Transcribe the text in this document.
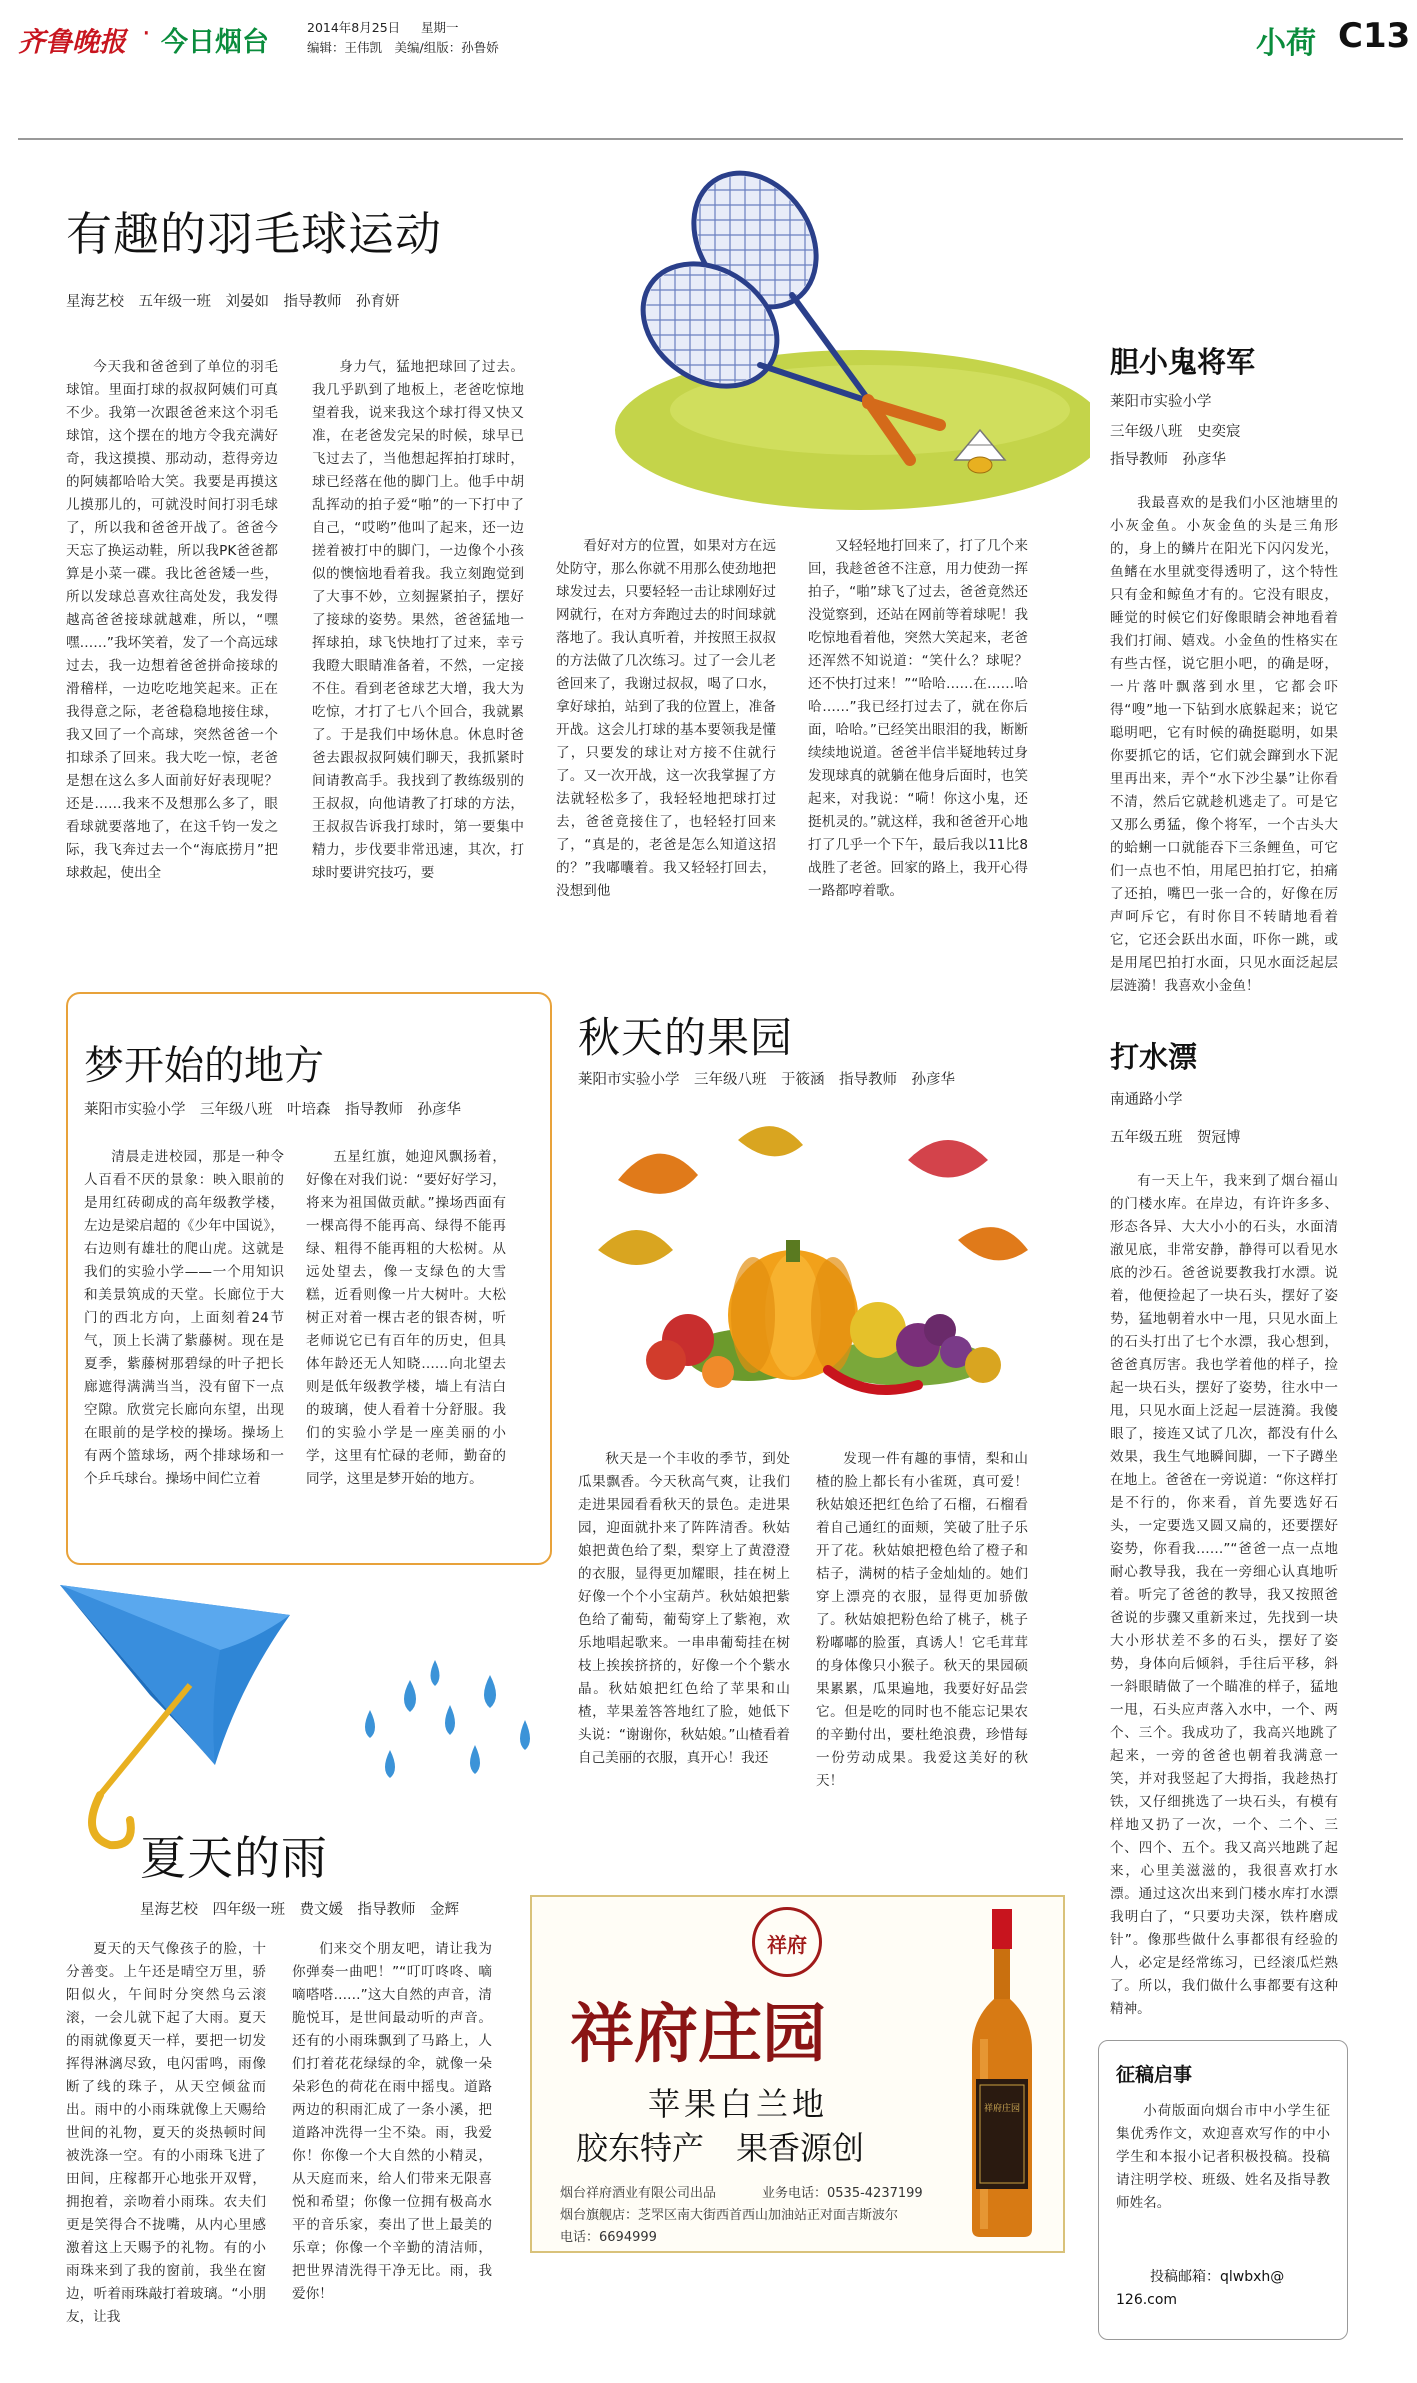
齐鲁晚报 · 今日烟台	2014年8月25日 星期一
编辑：王伟凯　美编/组版：孙鲁娇	小荷 C13
有趣的羽毛球运动
星海艺校　五年级一班　刘晏如　指导教师　孙育妍
今天我和爸爸到了单位的羽毛球馆。里面打球的叔叔阿姨们可真不少。我第一次跟爸爸来这个羽毛球馆，这个摆在的地方令我充满好奇，我这摸摸、那动动，惹得旁边的阿姨都哈哈大笑。我要是再摸这儿摸那儿的，可就没时间打羽毛球了，所以我和爸爸开战了。爸爸今天忘了换运动鞋，所以我PK爸爸都算是小菜一碟。我比爸爸矮一些，所以发球总喜欢往高处发，我发得越高爸爸接球就越难，所以，“嘿嘿……”我坏笑着，发了一个高远球过去，我一边想着爸爸拼命接球的滑稽样，一边吃吃地笑起来。正在我得意之际，老爸稳稳地接住球，我又回了一个高球，突然爸爸一个扣球杀了回来。我大吃一惊，老爸是想在这么多人面前好好表现呢？还是……我来不及想那么多了，眼看球就要落地了，在这千钧一发之际，我飞奔过去一个“海底捞月”把球救起，使出全
身力气，猛地把球回了过去。我几乎趴到了地板上，老爸吃惊地望着我，说来我这个球打得又快又准，在老爸发完呆的时候，球早已飞过去了，当他想起挥拍打球时，球已经落在他的脚门上。他手中胡乱挥动的拍子爱“啪”的一下打中了自己，“哎哟”他叫了起来，还一边搓着被打中的脚门，一边像个小孩似的懊恼地看着我。我立刻跑觉到了大事不妙，立刻握紧拍子，摆好了接球的姿势。果然，爸爸猛地一挥球拍，球飞快地打了过来，幸亏我瞪大眼睛准备着，不然，一定接不住。看到老爸球艺大增，我大为吃惊，才打了七八个回合，我就累了。于是我们中场休息。休息时爸爸去跟叔叔阿姨们聊天，我抓紧时间请教高手。我找到了教练级别的王叔叔，向他请教了打球的方法，王叔叔告诉我打球时，第一要集中精力，步伐要非常迅速，其次，打球时要讲究技巧，要
看好对方的位置，如果对方在远处防守，那么你就不用那么使劲地把球发过去，只要轻轻一击让球刚好过网就行，在对方奔跑过去的时间球就落地了。我认真听着，并按照王叔叔的方法做了几次练习。过了一会儿老爸回来了，我谢过叔叔，喝了口水，拿好球拍，站到了我的位置上，准备开战。这会儿打球的基本要领我是懂了，只要发的球让对方接不住就行了。又一次开战，这一次我掌握了方法就轻松多了，我轻轻地把球打过去，爸爸竟接住了，也轻轻打回来了，“真是的，老爸是怎么知道这招的？”我嘟囔着。我又轻轻打回去，没想到他
又轻轻地打回来了，打了几个来回，我趁爸爸不注意，用力使劲一挥拍子，“啪”球飞了过去，爸爸竟然还没觉察到，还站在网前等着球呢！我吃惊地看着他，突然大笑起来，老爸还浑然不知说道：“笑什么？球呢？还不快打过来！”“哈哈……在……哈哈……”我已经打过去了，就在你后面，哈哈。”已经笑出眼泪的我，断断续续地说道。爸爸半信半疑地转过身发现球真的就躺在他身后面时，也笑起来，对我说：“嗬！你这小鬼，还挺机灵的。”就这样，我和爸爸开心地打了几乎一个下午，最后我以11比8战胜了老爸。回家的路上，我开心得一路都哼着歌。
胆小鬼将军
莱阳市实验小学
三年级八班　史奕宸
指导教师　孙彦华
我最喜欢的是我们小区池塘里的小灰金鱼。小灰金鱼的头是三角形的，身上的鳞片在阳光下闪闪发光，鱼鳍在水里就变得透明了，这个特性只有金和鲸鱼才有的。它没有眼皮，睡觉的时候它们好像眼睛会神地看着我们打闹、嬉戏。小金鱼的性格实在有些古怪，说它胆小吧，的确是呀，一片落叶飘落到水里，它都会吓得“嗖”地一下钻到水底躲起来；说它聪明吧，它有时候的确挺聪明，如果你要抓它的话，它们就会蹿到水下泥里再出来，弄个“水下沙尘暴”让你看不清，然后它就趁机逃走了。可是它又那么勇猛，像个将军，一个古头大的蛤蜊一口就能吞下三条鲤鱼，可它们一点也不怕，用尾巴拍打它，拍痛了还拍，嘴巴一张一合的，好像在厉声呵斥它，有时你目不转睛地看着它，它还会跃出水面，吓你一跳，或是用尾巴拍打水面，只见水面泛起层层涟漪！我喜欢小金鱼！
梦开始的地方
莱阳市实验小学　三年级八班　叶培森　指导教师　孙彦华
清晨走进校园，那是一种令人百看不厌的景象：映入眼前的是用红砖砌成的高年级教学楼，左边是梁启超的《少年中国说》，右边则有雄壮的爬山虎。这就是我们的实验小学——一个用知识和美景筑成的天堂。长廊位于大门的西北方向，上面刻着24节气，顶上长满了紫藤树。现在是夏季，紫藤树那碧绿的叶子把长廊遮得满满当当，没有留下一点空隙。欣赏完长廊向东望，出现在眼前的是学校的操场。操场上有两个篮球场，两个排球场和一个乒乓球台。操场中间伫立着
五星红旗，她迎风飘扬着，好像在对我们说：“要好好学习，将来为祖国做贡献。”操场西面有一棵高得不能再高、绿得不能再绿、粗得不能再粗的大松树。从远处望去，像一支绿色的大雪糕，近看则像一片大树叶。大松树正对着一棵古老的银杏树，听老师说它已有百年的历史，但具体年龄还无人知晓……向北望去则是低年级教学楼，墙上有洁白的玻璃，使人看着十分舒服。我们的实验小学是一座美丽的小学，这里有忙碌的老师，勤奋的同学，这里是梦开始的地方。
秋天的果园
莱阳市实验小学　三年级八班　于筱涵　指导教师　孙彦华
秋天是一个丰收的季节，到处瓜果飘香。今天秋高气爽，让我们走进果园看看秋天的景色。走进果园，迎面就扑来了阵阵清香。秋姑娘把黄色给了梨，梨穿上了黄澄澄的衣服，显得更加耀眼，挂在树上好像一个个小宝葫芦。秋姑娘把紫色给了葡萄，葡萄穿上了紫袍，欢乐地唱起歌来。一串串葡萄挂在树枝上挨挨挤挤的，好像一个个紫水晶。秋姑娘把红色给了苹果和山楂，苹果羞答答地红了脸，她低下头说：“谢谢你，秋姑娘。”山楂看着自己美丽的衣服，真开心！我还
发现一件有趣的事情，梨和山楂的脸上都长有小雀斑，真可爱！秋姑娘还把红色给了石榴，石榴看着自己通红的面颊，笑破了肚子乐开了花。秋姑娘把橙色给了橙子和桔子，满树的桔子金灿灿的。她们穿上漂亮的衣服，显得更加骄傲了。秋姑娘把粉色给了桃子，桃子粉嘟嘟的脸蛋，真诱人！它毛茸茸的身体像只小猴子。秋天的果园硕果累累，瓜果遍地，我要好好品尝它。但是吃的同时也不能忘记果农的辛勤付出，要杜绝浪费，珍惜每一份劳动成果。我爱这美好的秋天！
打水漂
南通路小学
五年级五班　贺冠博
有一天上午，我来到了烟台福山的门楼水库。在岸边，有许许多多、形态各异、大大小小的石头，水面清澈见底，非常安静，静得可以看见水底的沙石。爸爸说要教我打水漂。说着，他便捡起了一块石头，摆好了姿势，猛地朝着水中一甩，只见水面上的石头打出了七个水漂，我心想到，爸爸真厉害。我也学着他的样子，捡起一块石头，摆好了姿势，往水中一甩，只见水面上泛起一层涟漪。我傻眼了，接连又试了几次，都没有什么效果，我生气地瞬间脚，一下子蹲坐在地上。爸爸在一旁说道：“你这样打是不行的，你来看，首先要选好石头，一定要选又圆又扁的，还要摆好姿势，你看我……”“爸爸一点一点地耐心教导我，我在一旁细心认真地听着。听完了爸爸的教导，我又按照爸爸说的步骤又重新来过，先找到一块大小形状差不多的石头，摆好了姿势，身体向后倾斜，手往后平移，斜一斜眼睛做了一个瞄准的样子，猛地一甩，石头应声落入水中，一个、两个、三个。我成功了，我高兴地跳了起来，一旁的爸爸也朝着我满意一笑，并对我竖起了大拇指，我趁热打铁，又仔细挑选了一块石头，有模有样地又扔了一次，一个、二个、三个、四个、五个。我又高兴地跳了起来，心里美滋滋的，我很喜欢打水漂。通过这次出来到门楼水库打水漂我明白了，“只要功夫深，铁杵磨成针”。像那些做什么事都很有经验的人，必定是经常练习，已经滚瓜烂熟了。所以，我们做什么事都要有这种精神。
夏天的雨
星海艺校　四年级一班　费文媛　指导教师　金辉
夏天的天气像孩子的脸，十分善变。上午还是晴空万里，骄阳似火，午间时分突然乌云滚滚，一会儿就下起了大雨。夏天的雨就像夏天一样，要把一切发挥得淋漓尽致，电闪雷鸣，雨像断了线的珠子，从天空倾盆而出。雨中的小雨珠就像上天赐给世间的礼物，夏天的炎热顿时间被洗涤一空。有的小雨珠飞进了田间，庄稼都开心地张开双臂，拥抱着，亲吻着小雨珠。农夫们更是笑得合不拢嘴，从内心里感激着这上天赐予的礼物。有的小雨珠来到了我的窗前，我坐在窗边，听着雨珠敲打着玻璃。“小朋友，让我
们来交个朋友吧，请让我为你弹奏一曲吧！”“叮叮咚咚、嘀嘀嗒嗒……”这大自然的声音，清脆悦耳，是世间最动听的声音。还有的小雨珠飘到了马路上，人们打着花花绿绿的伞，就像一朵朵彩色的荷花在雨中摇曳。道路两边的积雨汇成了一条小溪，把道路冲洗得一尘不染。雨，我爱你！你像一个大自然的小精灵，从天庭而来，给人们带来无限喜悦和希望；你像一位拥有极高水平的音乐家，奏出了世上最美的乐章；你像一个辛勤的清洁师，把世界清洗得干净无比。雨，我爱你！
祥府
祥府庄园
苹果白兰地
胶东特产　果香源创
烟台祥府酒业有限公司出品	业务电话：0535-4237199
烟台旗舰店：芝罘区南大街西首西山加油站正对面吉斯波尔
电话：6694999
祥府庄园
征稿启事
小荷版面向烟台市中小学生征集优秀作文，欢迎喜欢写作的中小学生和本报小记者积极投稿。投稿请注明学校、班级、姓名及指导教师姓名。
投稿邮箱：qlwbxh@
126.com
